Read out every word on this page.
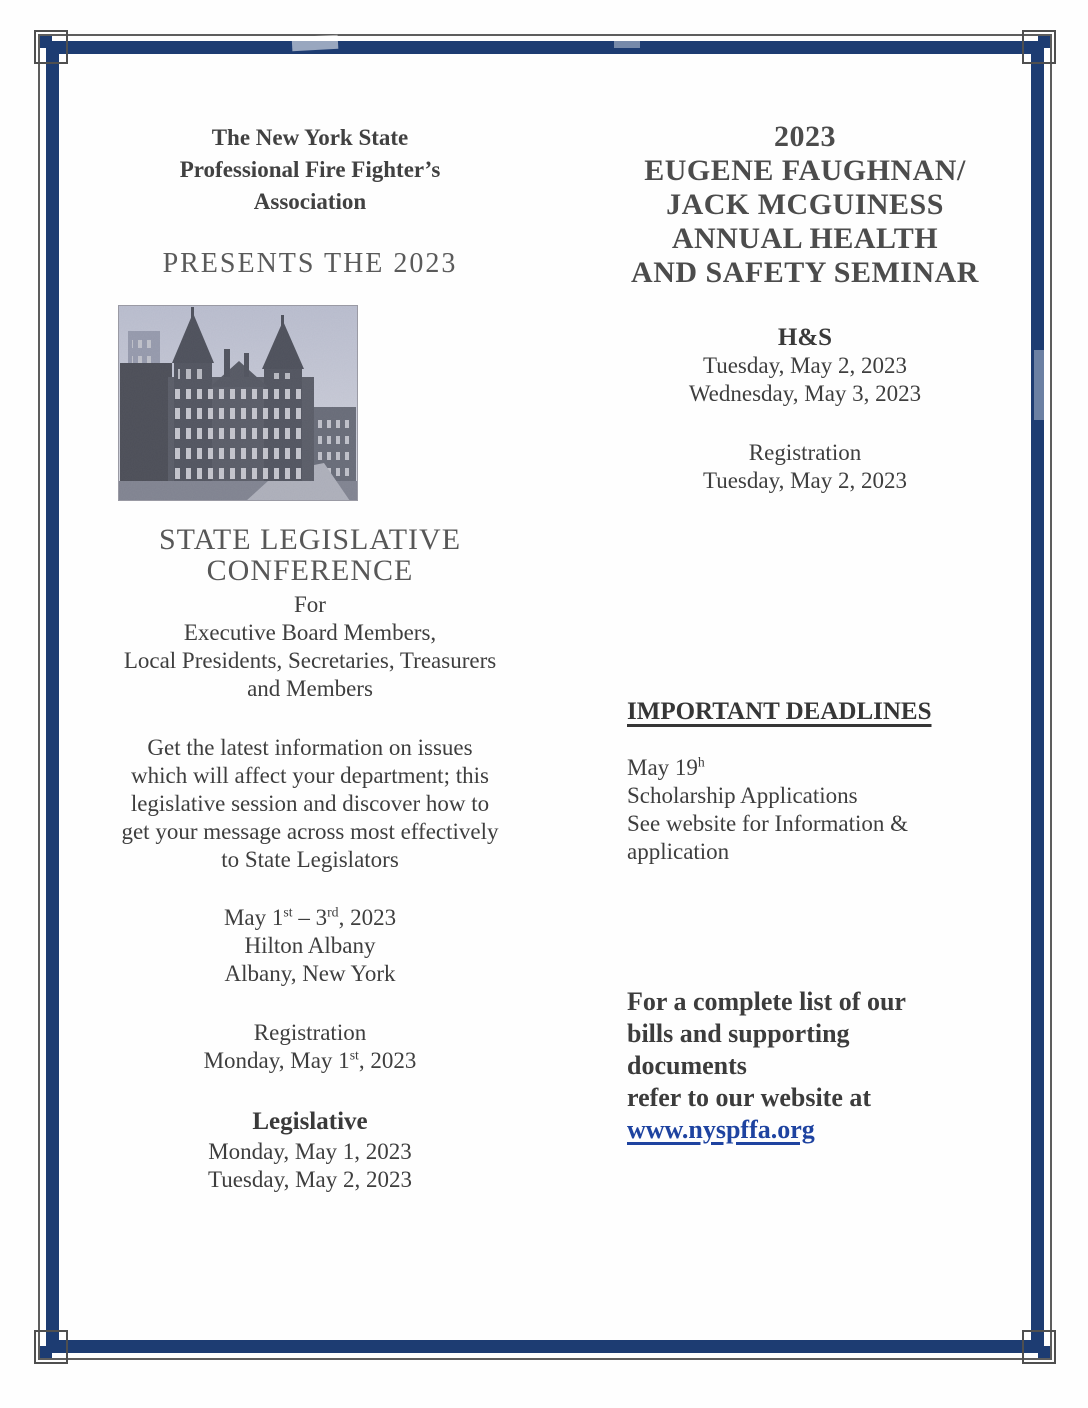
The New York State
Professional Fire Fighter’s
Association
PRESENTS THE 2023
STATE LEGISLATIVE
CONFERENCE
For
Executive Board Members,
Local Presidents, Secretaries, Treasurers
and Members
Get the latest information on issues
which will affect your department; this
legislative session and discover how to
get your message across most effectively
to State Legislators
May 1st – 3rd, 2023
Hilton Albany
Albany, New York
Registration
Monday, May 1st, 2023
Legislative
Monday, May 1, 2023
Tuesday, May 2, 2023
2023
EUGENE FAUGHNAN/
JACK MCGUINESS
ANNUAL HEALTH
AND SAFETY SEMINAR
H&S
Tuesday, May 2, 2023
Wednesday, May 3, 2023
Registration
Tuesday, May 2, 2023
IMPORTANT DEADLINES
May 19$^h$
Scholarship Applications
See website for Information &
application
For a complete list of our
bills and supporting
documents
refer to our website at
www.nyspffa.org
